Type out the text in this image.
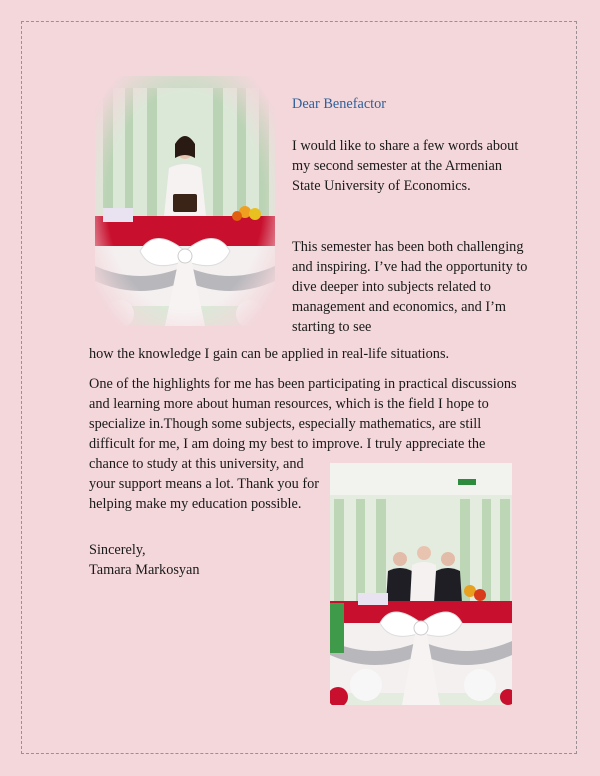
Dear Benefactor

I would like to share a few words about my second semester at the Armenian State University of Economics.

This semester has been both challenging and inspiring. I’ve had the opportunity to dive deeper into subjects related to management and economics, and I’m starting to see

how the knowledge I gain can be applied in real-life situations.

One of the highlights for me has been participating in practical discussions and learning more about human resources, which is the field I hope to specialize in.Though some subjects, especially mathematics, are still difficult for me, I am doing my best to improve. I truly appreciate the

chance to study at this university, and your support means a lot. Thank you for helping make my education possible.

Sincerely,

Tamara Markosyan
